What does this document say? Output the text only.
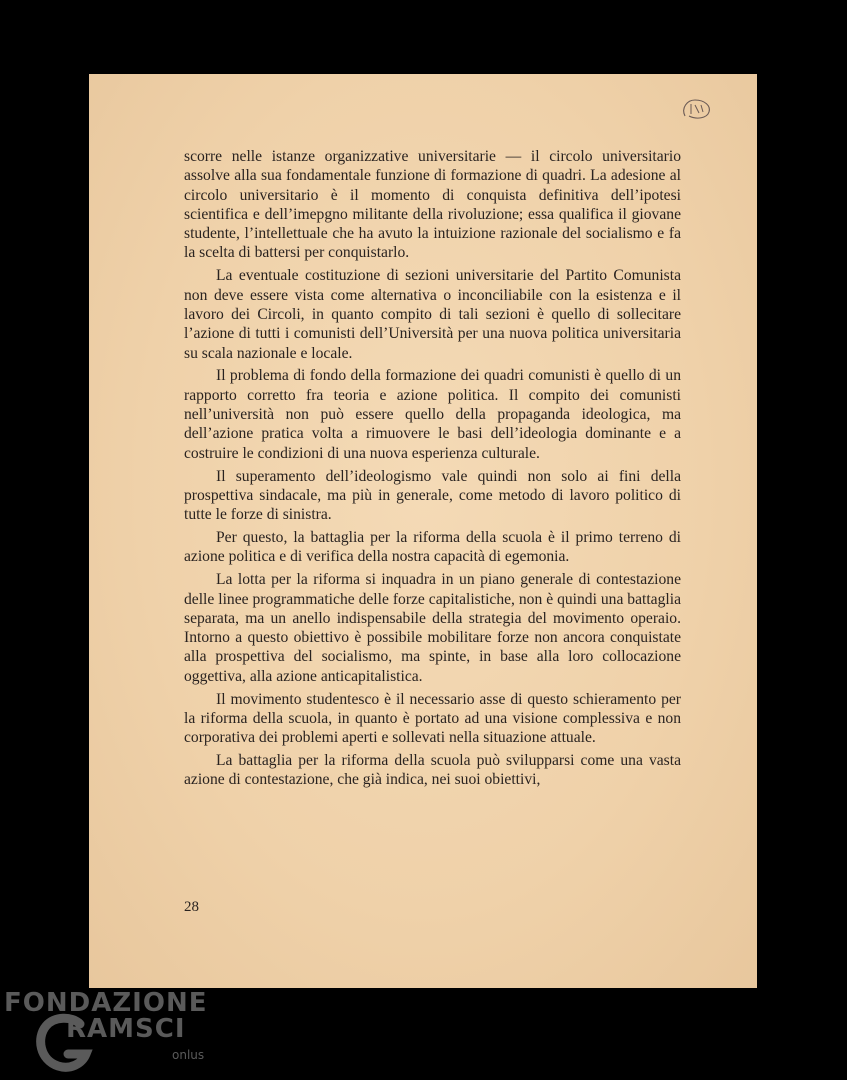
scorre nelle istanze organizzative universitarie — il circolo universitario assolve alla sua fondamentale funzione di formazione di quadri. La adesione al circolo universitario è il momento di conquista definitiva dell’ipotesi scientifica e dell’imepgno militante della rivoluzione; essa qualifica il giovane studente, l’intellettuale che ha avuto la intuizione razionale del socialismo e fa la scelta di battersi per conquistarlo.

La eventuale costituzione di sezioni universitarie del Partito Comunista non deve essere vista come alternativa o inconciliabile con la esistenza e il lavoro dei Circoli, in quanto compito di tali sezioni è quello di sollecitare l’azione di tutti i comunisti dell’Università per una nuova politica universitaria su scala nazionale e locale.

Il problema di fondo della formazione dei quadri comunisti è quello di un rapporto corretto fra teoria e azione politica. Il compito dei comunisti nell’università non può essere quello della propaganda ideologica, ma dell’azione pratica volta a rimuovere le basi dell’ideologia dominante e a costruire le condizioni di una nuova esperienza culturale.

Il superamento dell’ideologismo vale quindi non solo ai fini della prospettiva sindacale, ma più in generale, come metodo di lavoro politico di tutte le forze di sinistra.

Per questo, la battaglia per la riforma della scuola è il primo terreno di azione politica e di verifica della nostra capacità di egemonia.

La lotta per la riforma si inquadra in un piano generale di contestazione delle linee programmatiche delle forze capitalistiche, non è quindi una battaglia separata, ma un anello indispensabile della strategia del movimento operaio. Intorno a questo obiettivo è possibile mobilitare forze non ancora conquistate alla prospettiva del socialismo, ma spinte, in base alla loro collocazione oggettiva, alla azione anticapitalistica.

Il movimento studentesco è il necessario asse di questo schieramento per la riforma della scuola, in quanto è portato ad una visione complessiva e non corporativa dei problemi aperti e sollevati nella situazione attuale.

La battaglia per la riforma della scuola può svilupparsi come una vasta azione di contestazione, che già indica, nei suoi obiettivi,

28
FONDAZIONE
RAMSCI
onlus
